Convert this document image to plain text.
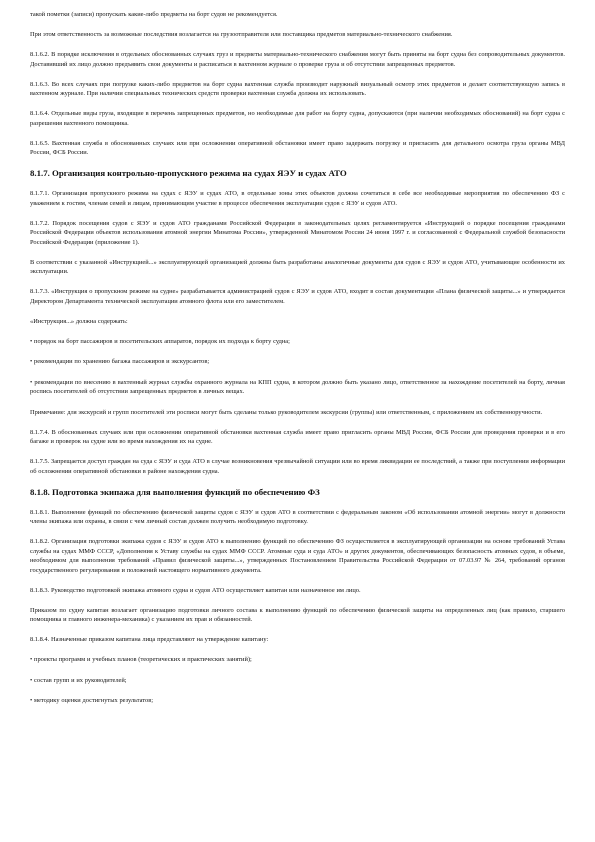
такой пометки (записи) пропускать какие-либо предметы на борт судов не рекомендуется.

При этом ответственность за возможные последствия возлагается на грузоотправителя или поставщика предметов материально-технического снабжения.

8.1.6.2. В порядке исключения в отдельных обоснованных случаях груз и предметы материально-технического снабжения могут быть приняты на борт судна без сопроводительных документов. Доставивший их лицо должно предъявить свои документы и расписаться в вахтенном журнале о проверке груза и об отсутствии запрещенных предметов.

8.1.6.3. Во всех случаях при погрузке каких-либо предметов на борт судна вахтенная служба производит наружный визуальный осмотр этих предметов и делает соответствующую запись в вахтенном журнале. При наличии специальных технических средств проверки вахтенная служба должна их использовать.

8.1.6.4. Отдельные виды груза, входящие в перечень запрещенных предметов, но необходимые для работ на борту судна, допускаются (при наличии необходимых обоснований) на борт судна с разрешения вахтенного помощника.

8.1.6.5. Вахтенная служба в обоснованных случаях или при осложнении оперативной обстановки имеет право задержать погрузку и пригласить для детального осмотра груза органы МВД России, ФСБ России.

8.1.7. Организация контрольно-пропускного режима на судах ЯЭУ и судах АТО

8.1.7.1. Организация пропускного режима на судах с ЯЭУ и судах АТО, в отдельные зоны этих объектов должна сочетаться в себе все необходимые мероприятия по обеспечению ФЗ с уважением к гостям, членам семей и лицам, принимающим участие в процессе обеспечения эксплуатации судов с ЯЭУ и судов АТО.

8.1.7.2. Порядок посещения судов с ЯЭУ и судов АТО гражданами Российской Федерации в законодательных целях регламентируется «Инструкцией о порядке посещения гражданами Российской Федерации объектов использования атомной энергии Минатома России», утвержденной Минатомом России 24 июня 1997 г. и согласованной с Федеральной службой безопасности Российской Федерации (приложение 1).

В соответствии с указанной «Инструкцией...» эксплуатирующей организацией должны быть разработаны аналогичные документы для судов с ЯЭУ и судов АТО, учитывающие особенности их эксплуатации.

8.1.7.3. «Инструкция о пропускном режиме на судне» разрабатывается администрацией судов с ЯЭУ и судов АТО, входит в состав документации «Плана физической защиты...» и утверждается Директором Департамента технической эксплуатации атомного флота или его заместителем.

«Инструкция...» должна содержать:

• порядок на борт пассажиров и посетительских аппаратов, порядок их подхода к борту судна;

• рекомендации по хранению багажа пассажиров и экскурсантов;

• рекомендации по внесению в вахтенный журнал службы охранного журнала на КПП судна, в котором должно быть указано лицо, ответственное за нахождение посетителей на борту, личная роспись посетителей об отсутствии запрещенных предметов в личных вещах.

Примечание: для экскурсий и групп посетителей эти росписи могут быть сделаны только руководителем экскурсии (группы) или ответственным, с приложением их собственноручности.

8.1.7.4. В обоснованных случаях или при осложнении оперативной обстановки вахтенная служба имеет право пригласить органы МВД России, ФСБ России для проведения проверки и в его багаже и проверок на судне или во время нахождения их на судне.

8.1.7.5. Запрещается доступ граждан на суда с ЯЭУ и суда АТО в случае возникновения чрезвычайной ситуации или во время ликвидации ее последствий, а также при поступлении информации об осложнении оперативной обстановки в районе нахождения судна.

8.1.8. Подготовка экипажа для выполнения функций по обеспечению ФЗ

8.1.8.1. Выполнение функций по обеспечению физической защиты судов с ЯЭУ и судов АТО в соответствии с федеральным законом «Об использовании атомной энергии» могут в должности члены экипажа или охраны, в связи с чем личный состав должен получить необходимую подготовку.

8.1.8.2. Организация подготовки экипажа судов с ЯЭУ и судов АТО к выполнению функций по обеспечению ФЗ осуществляется в эксплуатирующей организации на основе требований Устава службы на судах ММФ СССР, «Дополнения к Уставу службы на судах ММФ СССР. Атомные суда и суда АТО» и других документов, обеспечивающих безопасность атомных судов, в объеме, необходимом для выполнения требований «Правил физической защиты...», утвержденных Постановлением Правительства Российской Федерации от 07.03.97 № 264, требований органов государственного регулирования и положений настоящего нормативного документа.

8.1.8.3. Руководство подготовкой экипажа атомного судна и судов АТО осуществляет капитан или назначенное им лицо.

Приказом по судну капитан возлагает организацию подготовки личного состава к выполнению функций по обеспечению физической защиты на определенных лиц (как правило, старшего помощника и главного инженера-механика) с указанием их прав и обязанностей.

8.1.8.4. Назначенные приказом капитана лица представляют на утверждение капитану:

• проекты программ и учебных планов (теоретических и практических занятий);

• состав групп и их руководителей;

• методику оценки достигнутых результатов;
